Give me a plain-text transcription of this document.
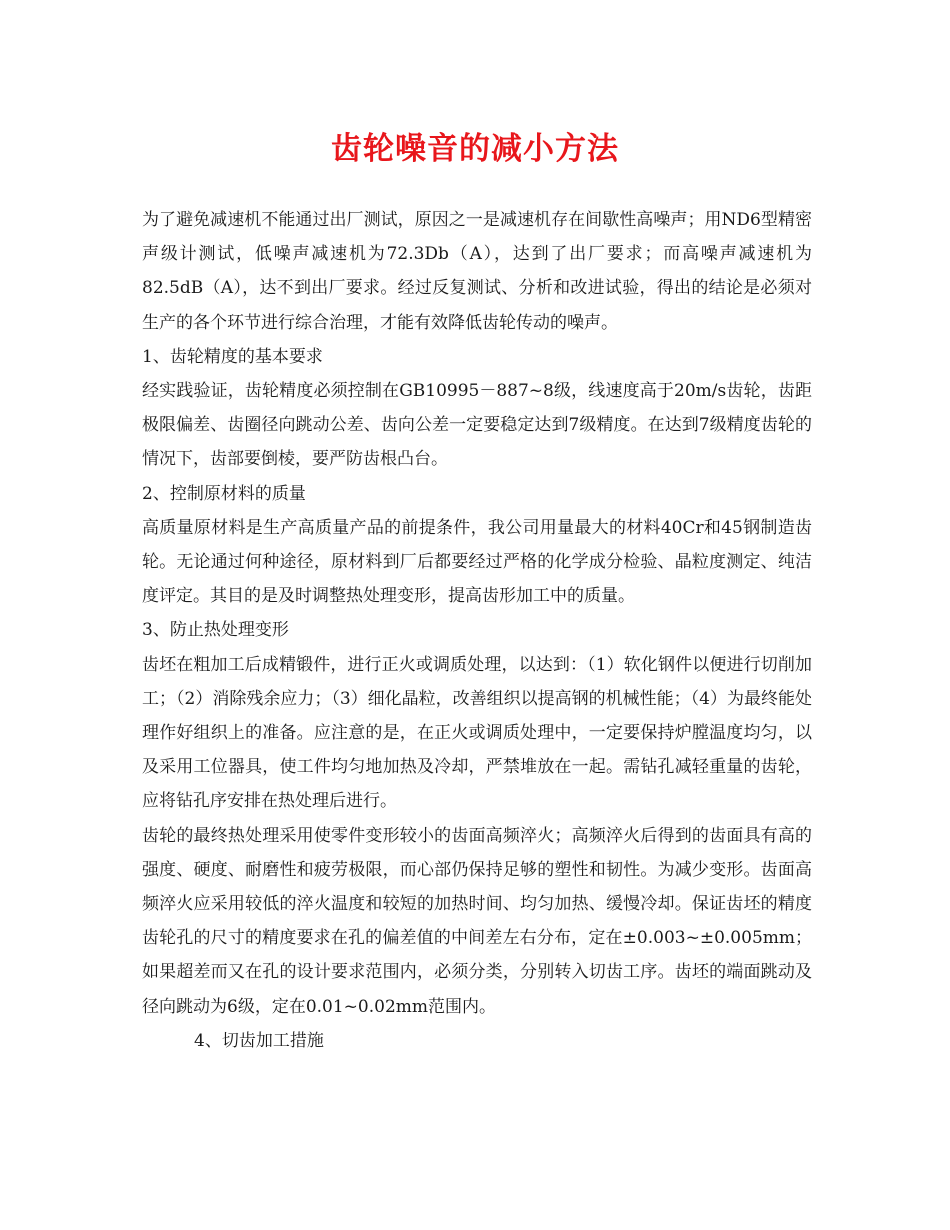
齿轮噪音的减小方法

为了避免减速机不能通过出厂测试，原因之一是减速机存在间歇性高噪声；用ND6型精密声级计测试，低噪声减速机为72.3Db（A），达到了出厂要求；而高噪声减速机为82.5dB（A），达不到出厂要求。经过反复测试、分析和改进试验，得出的结论是必须对生产的各个环节进行综合治理，才能有效降低齿轮传动的噪声。

1、齿轮精度的基本要求

经实践验证，齿轮精度必须控制在GB10995－887~8级，线速度高于20m/s齿轮，齿距极限偏差、齿圈径向跳动公差、齿向公差一定要稳定达到7级精度。在达到7级精度齿轮的情况下，齿部要倒棱，要严防齿根凸台。

2、控制原材料的质量

高质量原材料是生产高质量产品的前提条件，我公司用量最大的材料40Cr和45钢制造齿轮。无论通过何种途径，原材料到厂后都要经过严格的化学成分检验、晶粒度测定、纯洁度评定。其目的是及时调整热处理变形，提高齿形加工中的质量。

3、防止热处理变形

齿坯在粗加工后成精锻件，进行正火或调质处理，以达到：（1）软化钢件以便进行切削加工；（2）消除残余应力；（3）细化晶粒，改善组织以提高钢的机械性能；（4）为最终能处理作好组织上的准备。应注意的是，在正火或调质处理中，一定要保持炉膛温度均匀，以及采用工位器具，使工件均匀地加热及冷却，严禁堆放在一起。需钻孔减轻重量的齿轮，应将钻孔序安排在热处理后进行。

齿轮的最终热处理采用使零件变形较小的齿面高频淬火；高频淬火后得到的齿面具有高的强度、硬度、耐磨性和疲劳极限，而心部仍保持足够的塑性和韧性。为减少变形。齿面高频淬火应采用较低的淬火温度和较短的加热时间、均匀加热、缓慢冷却。保证齿坯的精度齿轮孔的尺寸的精度要求在孔的偏差值的中间差左右分布，定在±0.003~±0.005mm；如果超差而又在孔的设计要求范围内，必须分类，分别转入切齿工序。齿坯的端面跳动及径向跳动为6级，定在0.01~0.02mm范围内。

4、切齿加工措施
